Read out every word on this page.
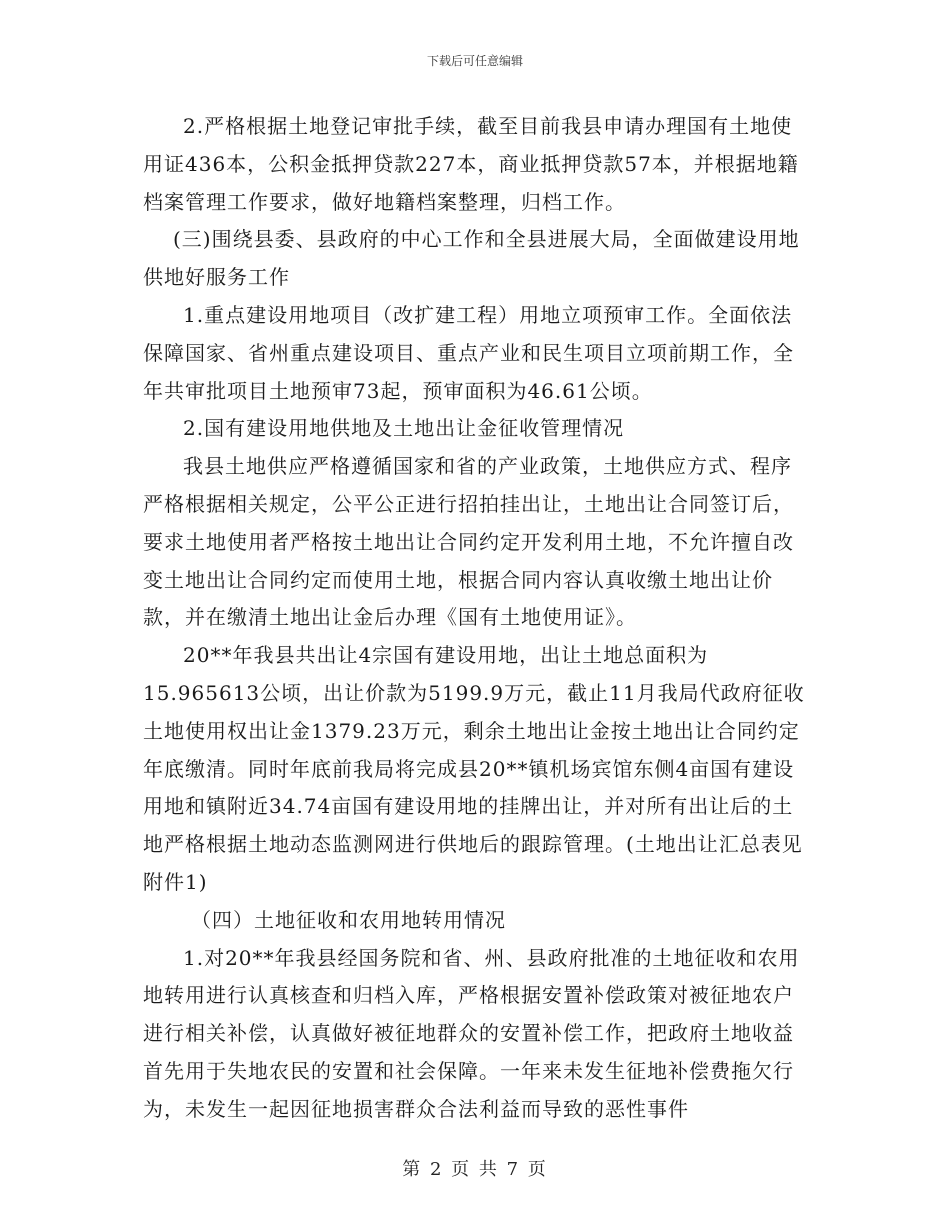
下载后可任意编辑

2.严格根据土地登记审批手续，截至目前我县申请办理国有土地使用证436本，公积金抵押贷款227本，商业抵押贷款57本，并根据地籍档案管理工作要求，做好地籍档案整理，归档工作。

(三)围绕县委、县政府的中心工作和全县进展大局，全面做建设用地供地好服务工作

1.重点建设用地项目（改扩建工程）用地立项预审工作。全面依法保障国家、省州重点建设项目、重点产业和民生项目立项前期工作，全年共审批项目土地预审73起，预审面积为46.61公顷。

2.国有建设用地供地及土地出让金征收管理情况

我县土地供应严格遵循国家和省的产业政策，土地供应方式、程序严格根据相关规定，公平公正进行招拍挂出让，土地出让合同签订后，要求土地使用者严格按土地出让合同约定开发利用土地，不允许擅自改变土地出让合同约定而使用土地，根据合同内容认真收缴土地出让价款，并在缴清土地出让金后办理《国有土地使用证》。

20**年我县共出让4宗国有建设用地，出让土地总面积为15.965613公顷，出让价款为5199.9万元，截止11月我局代政府征收土地使用权出让金1379.23万元，剩余土地出让金按土地出让合同约定年底缴清。同时年底前我局将完成县20**镇机场宾馆东侧4亩国有建设用地和镇附近34.74亩国有建设用地的挂牌出让，并对所有出让后的土地严格根据土地动态监测网进行供地后的跟踪管理。(土地出让汇总表见附件1)

（四）土地征收和农用地转用情况

1.对20**年我县经国务院和省、州、县政府批准的土地征收和农用地转用进行认真核查和归档入库，严格根据安置补偿政策对被征地农户进行相关补偿，认真做好被征地群众的安置补偿工作，把政府土地收益首先用于失地农民的安置和社会保障。一年来未发生征地补偿费拖欠行为，未发生一起因征地损害群众合法利益而导致的恶性事件

第 2 页 共 7 页
